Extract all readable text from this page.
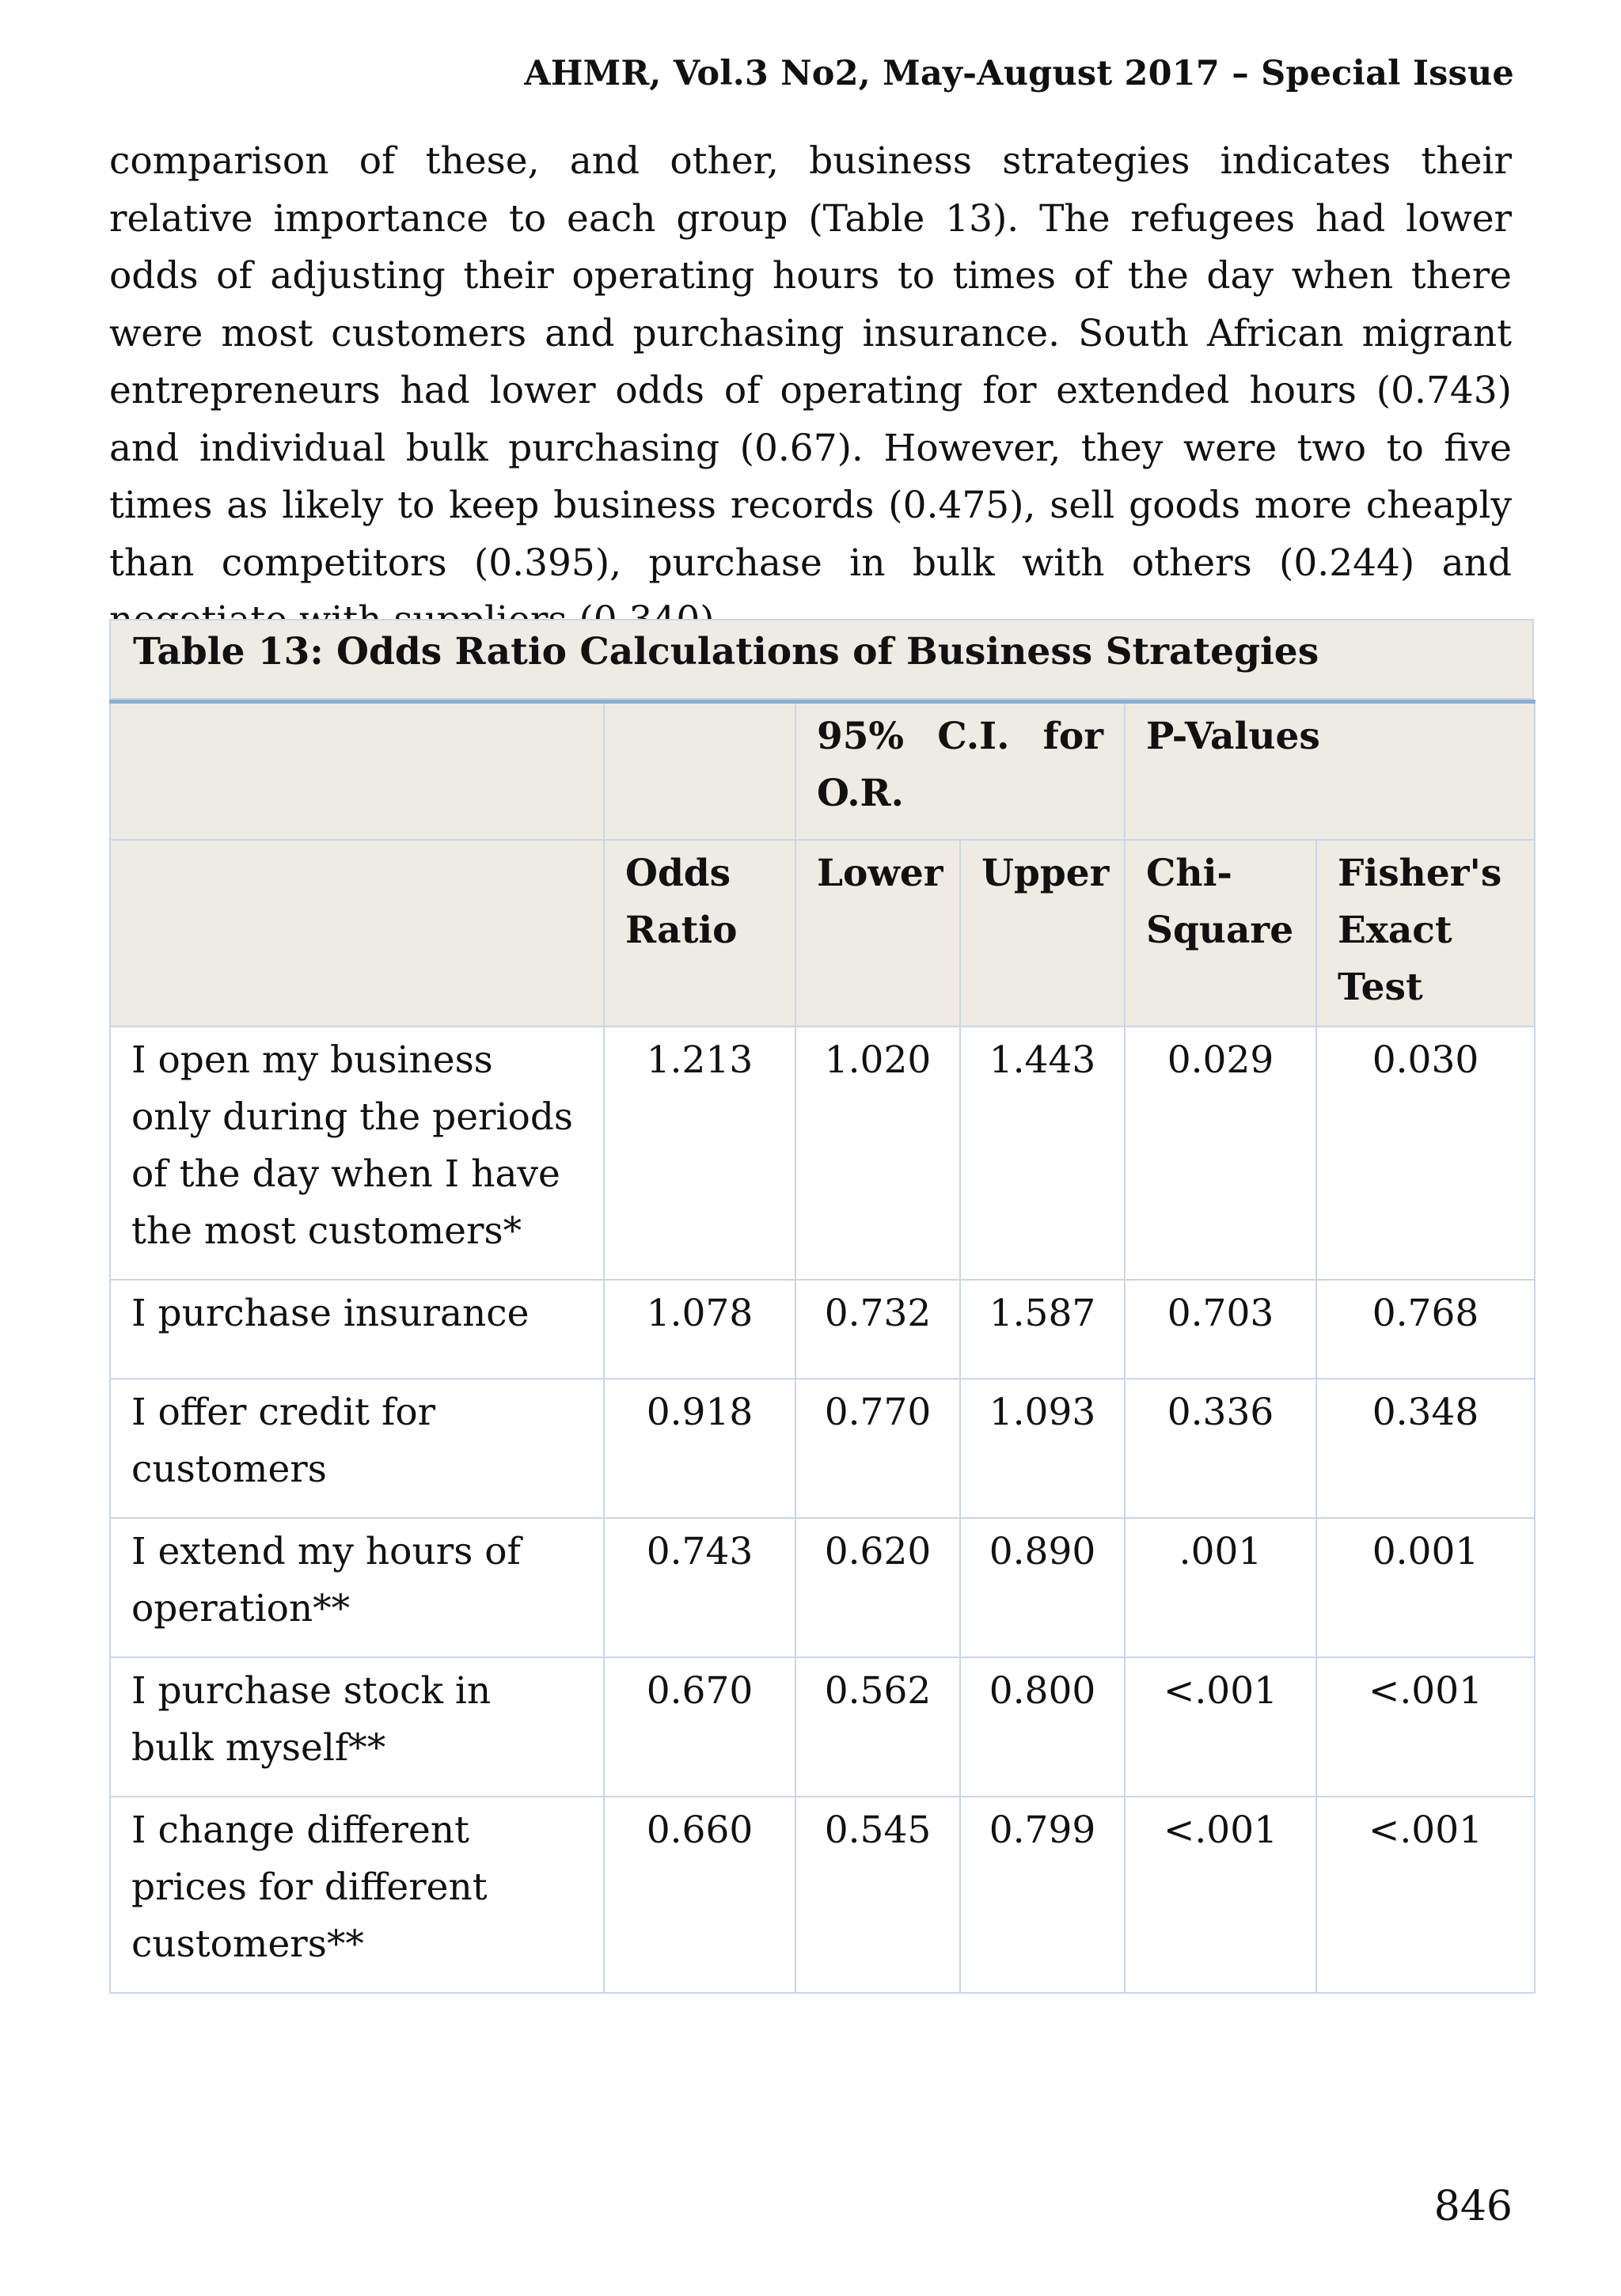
AHMR, Vol.3 No2, May-August 2017 – Special Issue

comparison of these, and other, business strategies indicates their relative importance to each group (Table 13). The refugees had lower odds of adjusting their operating hours to times of the day when there were most customers and purchasing insurance. South African migrant entrepreneurs had lower odds of operating for extended hours (0.743) and individual bulk purchasing (0.67). However, they were two to five times as likely to keep business records (0.475), sell goods more cheaply than competitors (0.395), purchase in bulk with others (0.244) and

Table 13: Odds Ratio Calculations of Business Strategies
		95% C.I. for O.R.		P-Values	
	Odds Ratio	Lower	Upper	Chi-Square	Fisher's Exact Test
I open my business only during the periods of the day when I have the most customers*	1.213	1.020	1.443	0.029	0.030
I purchase insurance	1.078	0.732	1.587	0.703	0.768
I offer credit for customers	0.918	0.770	1.093	0.336	0.348
I extend my hours of operation**	0.743	0.620	0.890	.001	0.001
I purchase stock in bulk myself**	0.670	0.562	0.800	<.001	<.001
I change different prices for different customers**	0.660	0.545	0.799	<.001	<.001
846
